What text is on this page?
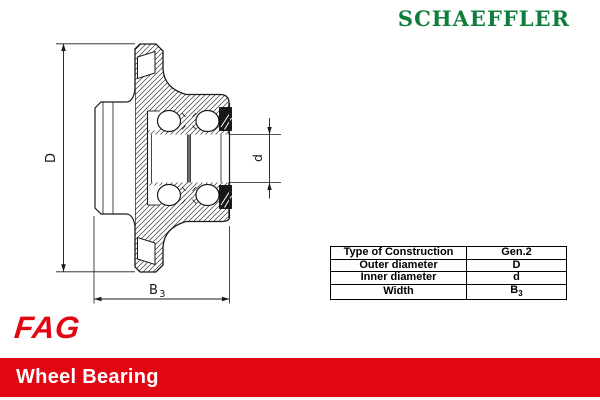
SCHAEFFLER
D	d
B $_3$
Type of Construction	Gen.2
Outer diameter	D
Inner diameter	d
Width	$B_3$
FAG
Wheel Bearing
